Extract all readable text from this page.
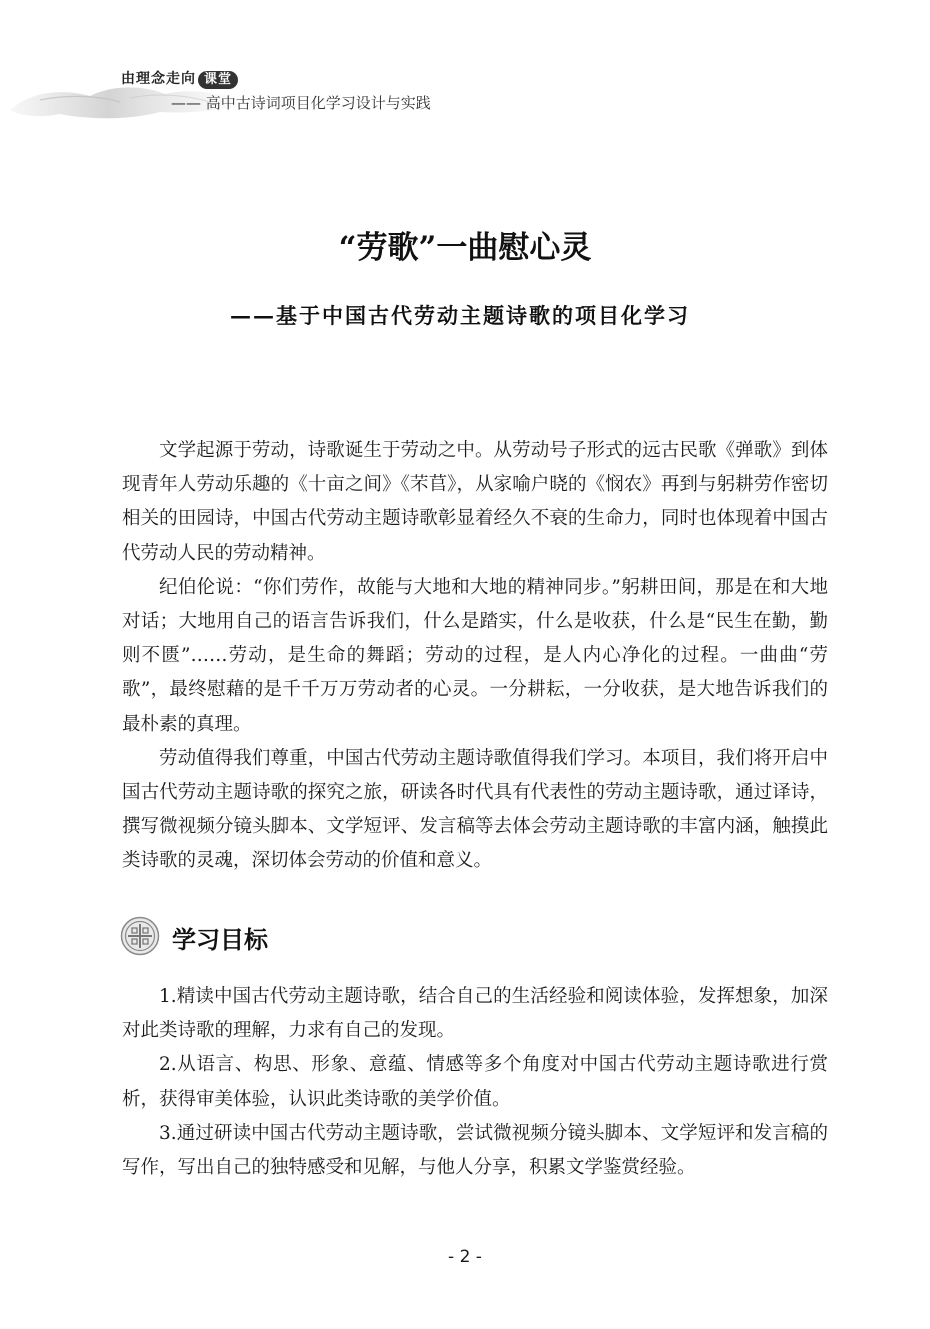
由理念走向 课堂
—— 高中古诗词项目化学习设计与实践
“劳歌”一曲慰心灵
——基于中国古代劳动主题诗歌的项目化学习

文学起源于劳动，诗歌诞生于劳动之中。从劳动号子形式的远古民歌《弹歌》到体现青年人劳动乐趣的《十亩之间》《芣苢》，从家喻户晓的《悯农》再到与躬耕劳作密切相关的田园诗，中国古代劳动主题诗歌彰显着经久不衰的生命力，同时也体现着中国古代劳动人民的劳动精神。

纪伯伦说：“你们劳作，故能与大地和大地的精神同步。”躬耕田间，那是在和大地对话；大地用自己的语言告诉我们，什么是踏实，什么是收获，什么是“民生在勤，勤则不匮”……劳动，是生命的舞蹈；劳动的过程，是人内心净化的过程。一曲曲“劳歌”，最终慰藉的是千千万万劳动者的心灵。一分耕耘，一分收获，是大地告诉我们的最朴素的真理。

劳动值得我们尊重，中国古代劳动主题诗歌值得我们学习。本项目，我们将开启中国古代劳动主题诗歌的探究之旅，研读各时代具有代表性的劳动主题诗歌，通过译诗，撰写微视频分镜头脚本、文学短评、发言稿等去体会劳动主题诗歌的丰富内涵，触摸此类诗歌的灵魂，深切体会劳动的价值和意义。

学习目标

1.精读中国古代劳动主题诗歌，结合自己的生活经验和阅读体验，发挥想象，加深对此类诗歌的理解，力求有自己的发现。

2.从语言、构思、形象、意蕴、情感等多个角度对中国古代劳动主题诗歌进行赏析，获得审美体验，认识此类诗歌的美学价值。

3.通过研读中国古代劳动主题诗歌，尝试微视频分镜头脚本、文学短评和发言稿的写作，写出自己的独特感受和见解，与他人分享，积累文学鉴赏经验。

- 2 -
